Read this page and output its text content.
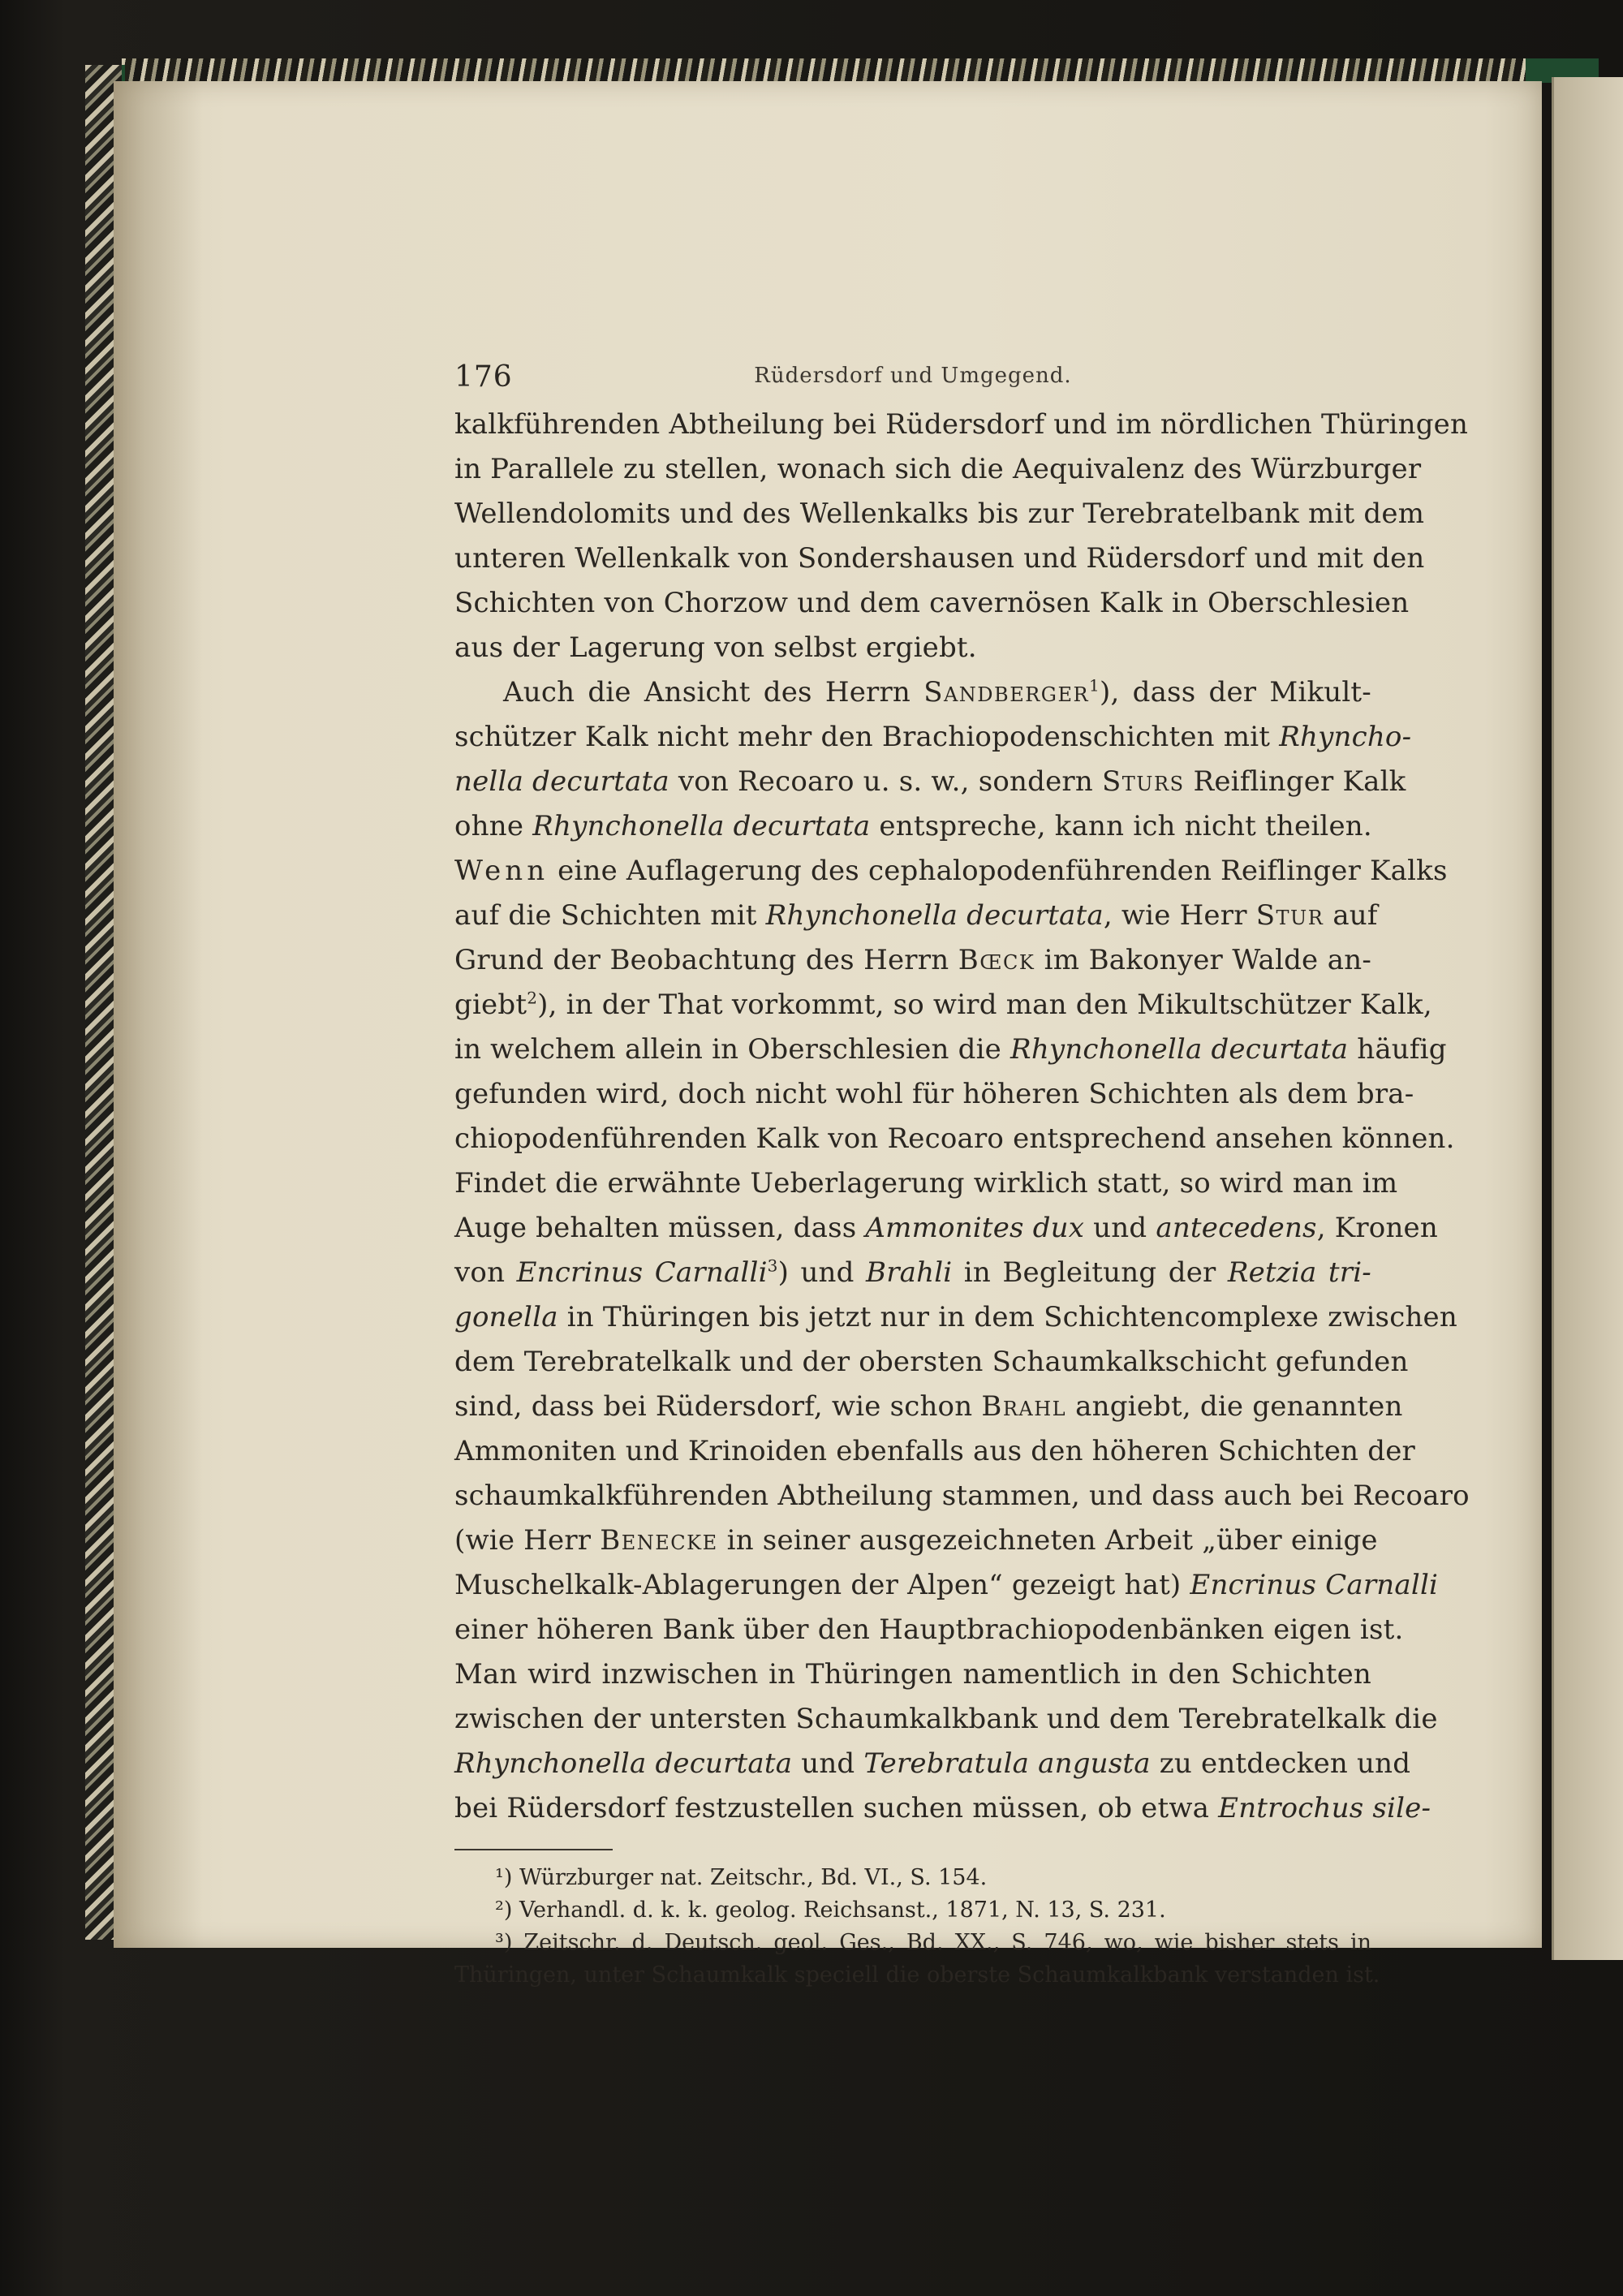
176	Rüdersdorf und Umgegend.
kalkführenden Abtheilung bei Rüdersdorf und im nördlichen Thüringen
in Parallele zu stellen, wonach sich die Aequivalenz des Würzburger
Wellendolomits und des Wellenkalks bis zur Terebratelbank mit dem
unteren Wellenkalk von Sondershausen und Rüdersdorf und mit den
Schichten von Chorzow und dem cavernösen Kalk in Oberschlesien
aus der Lagerung von selbst ergiebt.
Auch die Ansicht des Herrn Sandberger$^1$), dass der Mikult-
schützer Kalk nicht mehr den Brachiopodenschichten mit Rhyncho-
nella decurtata von Recoaro u. s. w., sondern Sturs Reiflinger Kalk
ohne Rhynchonella decurtata entspreche, kann ich nicht theilen.
Wenn eine Auflagerung des cephalopodenführenden Reiflinger Kalks
auf die Schichten mit Rhynchonella decurtata, wie Herr Stur auf
Grund der Beobachtung des Herrn Bœck im Bakonyer Walde an-
giebt$^2$), in der That vorkommt, so wird man den Mikultschützer Kalk,
in welchem allein in Oberschlesien die Rhynchonella decurtata häufig
gefunden wird, doch nicht wohl für höheren Schichten als dem bra-
chiopodenführenden Kalk von Recoaro entsprechend ansehen können.
Findet die erwähnte Ueberlagerung wirklich statt, so wird man im
Auge behalten müssen, dass Ammonites dux und antecedens, Kronen
von Encrinus Carnalli$^3$) und Brahli in Begleitung der Retzia tri-
gonella in Thüringen bis jetzt nur in dem Schichtencomplexe zwischen
dem Terebratelkalk und der obersten Schaumkalkschicht gefunden
sind, dass bei Rüdersdorf, wie schon Brahl angiebt, die genannten
Ammoniten und Krinoiden ebenfalls aus den höheren Schichten der
schaumkalkführenden Abtheilung stammen, und dass auch bei Recoaro
(wie Herr Benecke in seiner ausgezeichneten Arbeit „über einige
Muschelkalk-Ablagerungen der Alpen“ gezeigt hat) Encrinus Carnalli
einer höheren Bank über den Hauptbrachiopodenbänken eigen ist.
Man wird inzwischen in Thüringen namentlich in den Schichten
zwischen der untersten Schaumkalkbank und dem Terebratelkalk die
Rhynchonella decurtata und Terebratula angusta zu entdecken und
bei Rüdersdorf festzustellen suchen müssen, ob etwa Entrochus sile-
¹) Würzburger nat. Zeitschr., Bd. VI., S. 154.
²) Verhandl. d. k. k. geolog. Reichsanst., 1871, N. 13, S. 231.
³) Zeitschr. d. Deutsch. geol. Ges., Bd. XX., S. 746, wo, wie bisher stets in
Thüringen, unter Schaumkalk speciell die oberste Schaumkalkbank verstanden ist.
